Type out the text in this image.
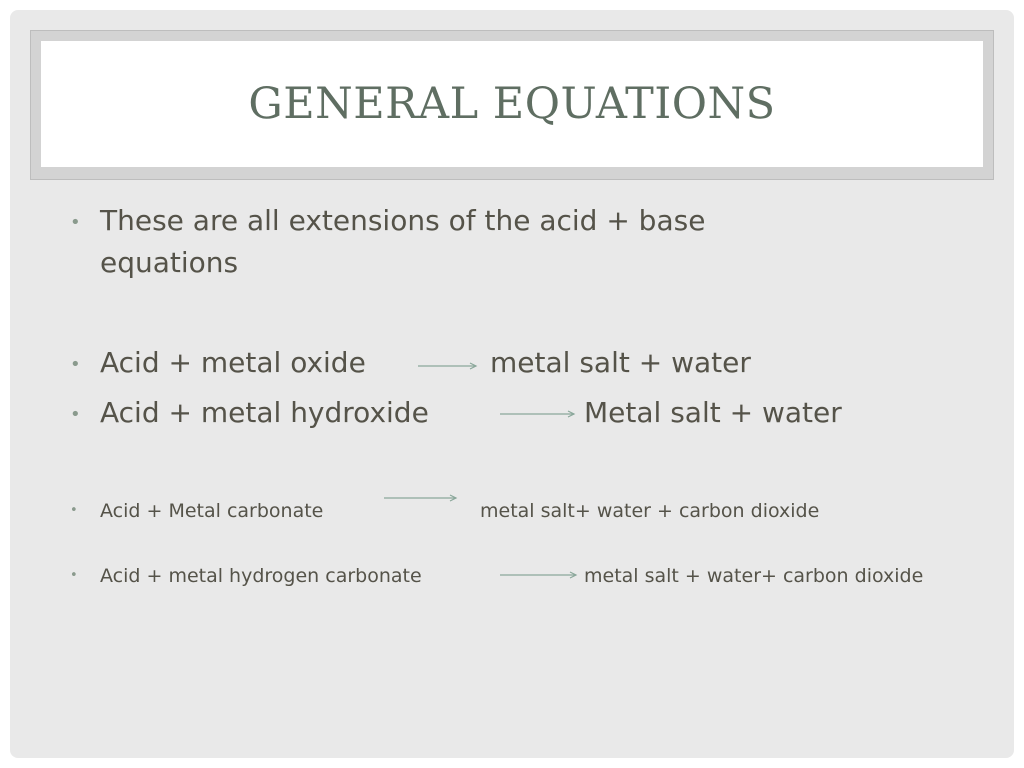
GENERAL EQUATIONS
• These are all extensions of the acid + base
equations
• Acid + metal oxide	metal salt + water
• Acid + metal hydroxide	Metal salt + water
• Acid + Metal carbonate	metal salt+ water + carbon dioxide
• Acid + metal hydrogen carbonate	metal salt + water+ carbon dioxide
